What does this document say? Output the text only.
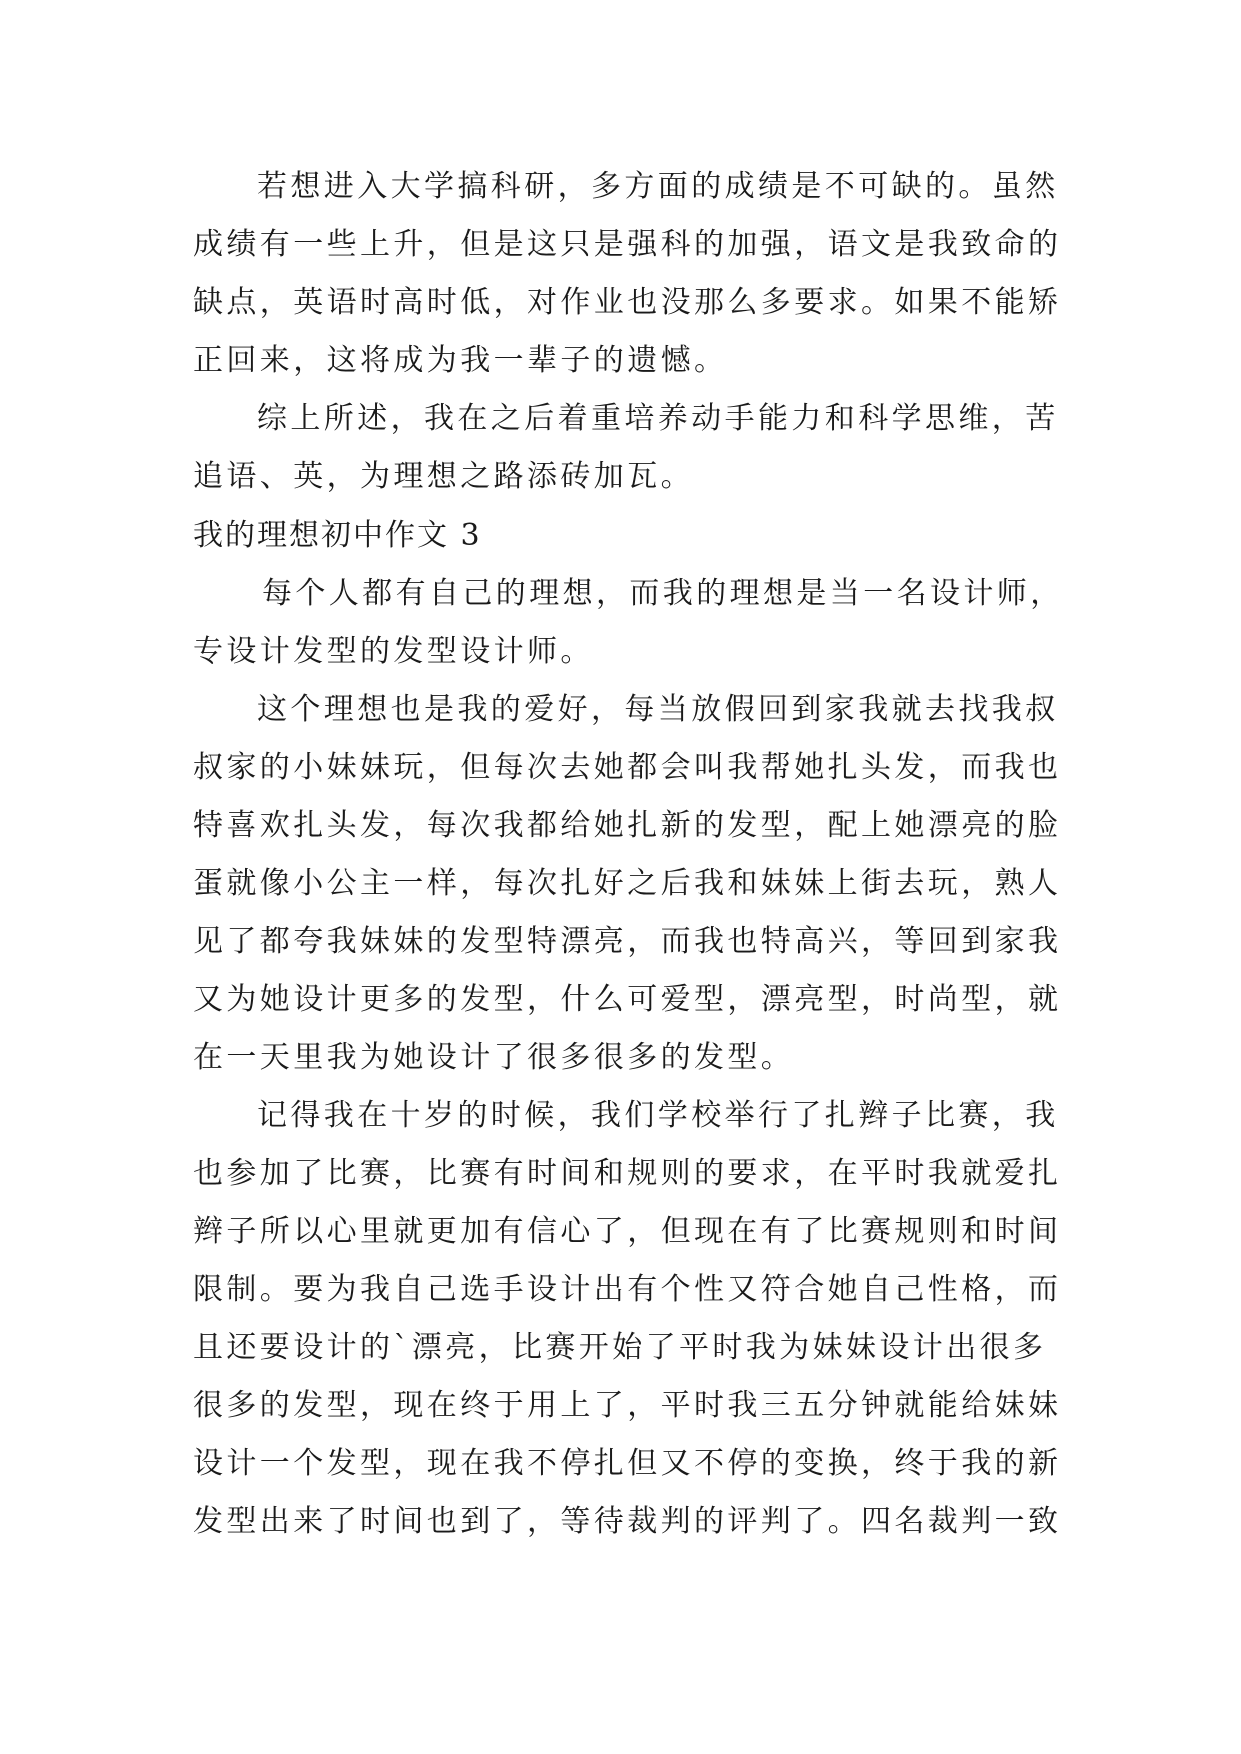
若想进入大学搞科研，多方面的成绩是不可缺的。虽然
成绩有一些上升，但是这只是强科的加强，语文是我致命的
缺点，英语时高时低，对作业也没那么多要求。如果不能矫
正回来，这将成为我一辈子的遗憾。
综上所述，我在之后着重培养动手能力和科学思维，苦
追语、英，为理想之路添砖加瓦。
我的理想初中作文 3
每个人都有自己的理想，而我的理想是当一名设计师，
专设计发型的发型设计师。
这个理想也是我的爱好，每当放假回到家我就去找我叔
叔家的小妹妹玩，但每次去她都会叫我帮她扎头发，而我也
特喜欢扎头发，每次我都给她扎新的发型，配上她漂亮的脸
蛋就像小公主一样，每次扎好之后我和妹妹上街去玩，熟人
见了都夸我妹妹的发型特漂亮，而我也特高兴，等回到家我
又为她设计更多的发型，什么可爱型，漂亮型，时尚型，就
在一天里我为她设计了很多很多的发型。
记得我在十岁的时候，我们学校举行了扎辫子比赛，我
也参加了比赛，比赛有时间和规则的要求，在平时我就爱扎
辫子所以心里就更加有信心了，但现在有了比赛规则和时间
限制。要为我自己选手设计出有个性又符合她自己性格，而
且还要设计的`漂亮，比赛开始了平时我为妹妹设计出很多
很多的发型，现在终于用上了，平时我三五分钟就能给妹妹
设计一个发型，现在我不停扎但又不停的变换，终于我的新
发型出来了时间也到了，等待裁判的评判了。四名裁判一致
